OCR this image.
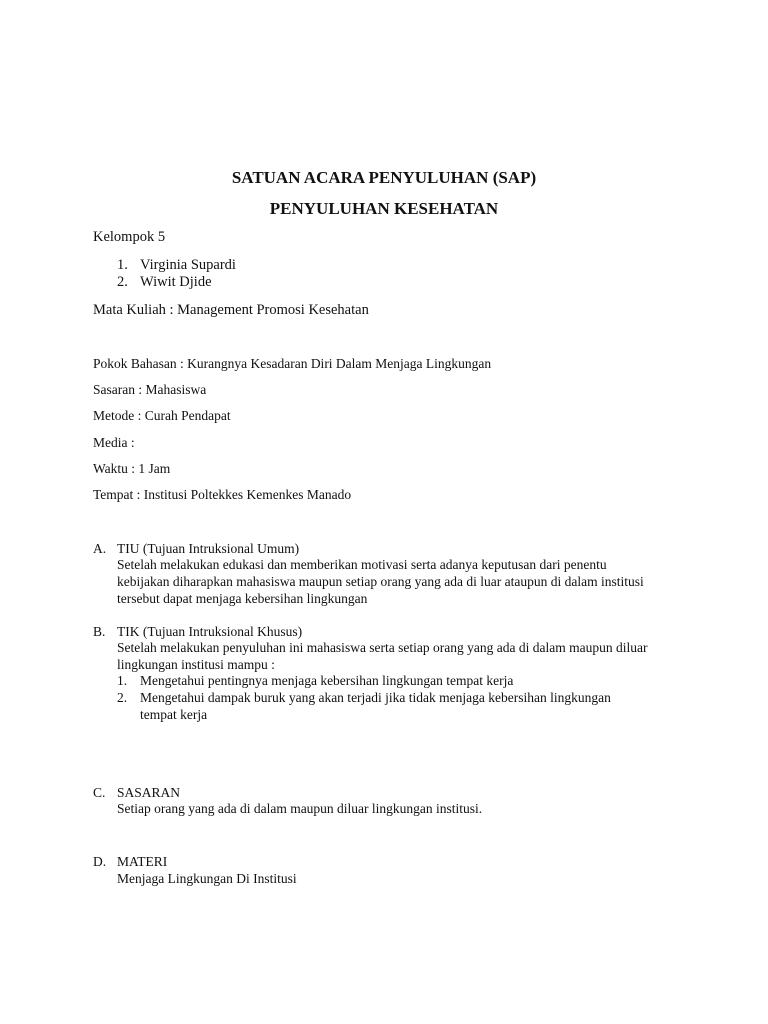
SATUAN ACARA PENYULUHAN (SAP)
PENYULUHAN KESEHATAN
Kelompok 5
1. Virginia Supardi
2. Wiwit Djide
Mata Kuliah : Management Promosi Kesehatan
Pokok Bahasan : Kurangnya Kesadaran Diri Dalam Menjaga Lingkungan
Sasaran : Mahasiswa
Metode : Curah Pendapat
Media :
Waktu : 1 Jam
Tempat : Institusi Poltekkes Kemenkes Manado
A. TIU (Tujuan Intruksional Umum)
Setelah melakukan edukasi dan memberikan motivasi serta adanya keputusan dari penentu
kebijakan diharapkan mahasiswa maupun setiap orang yang ada di luar ataupun di dalam institusi
tersebut dapat menjaga kebersihan lingkungan
B. TIK (Tujuan Intruksional Khusus)
Setelah melakukan penyuluhan ini mahasiswa serta setiap orang yang ada di dalam maupun diluar
lingkungan institusi mampu :
1. Mengetahui pentingnya menjaga kebersihan lingkungan tempat kerja
2. Mengetahui dampak buruk yang akan terjadi jika tidak menjaga kebersihan lingkungan
tempat kerja
C. SASARAN
Setiap orang yang ada di dalam maupun diluar lingkungan institusi.
D. MATERI
Menjaga Lingkungan Di Institusi
